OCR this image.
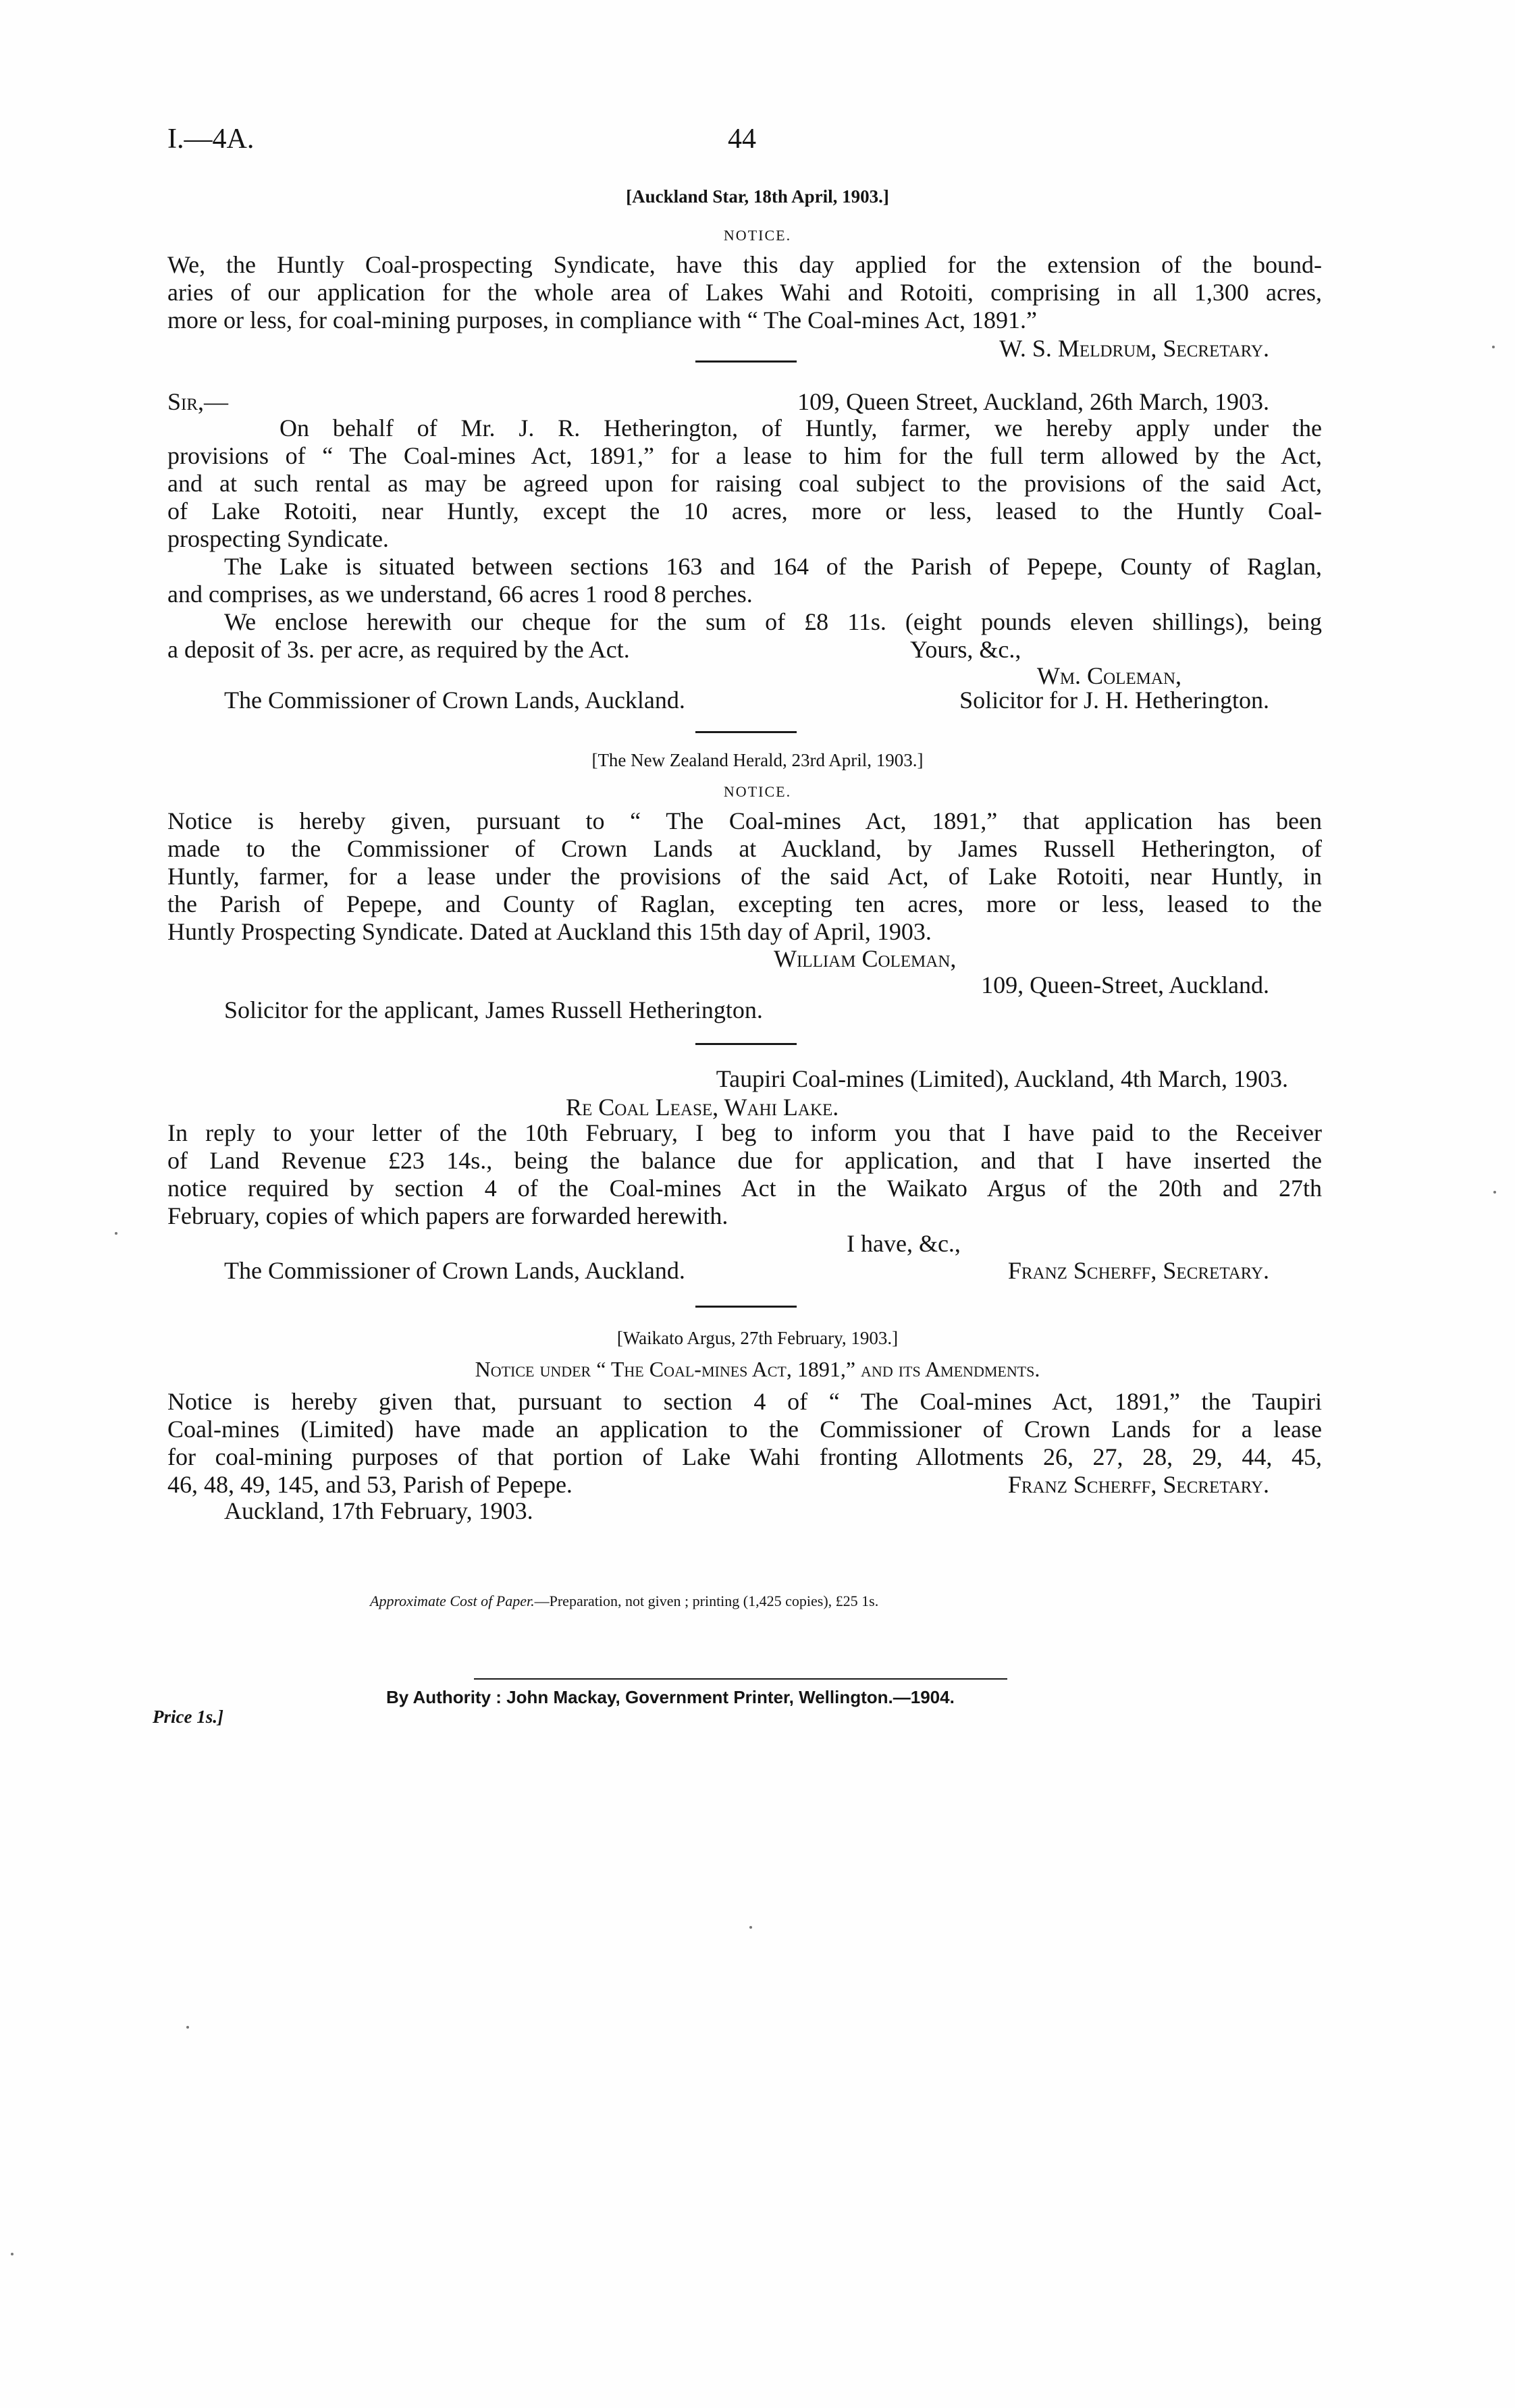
I.—4A.	44
[Auckland Star, 18th April, 1903.]
NOTICE.
We, the Huntly Coal-prospecting Syndicate, have this day applied for the extension of the bound-
aries of our application for the whole area of Lakes Wahi and Rotoiti, comprising in all 1,300 acres,
more or less, for coal-mining purposes, in compliance with “ The Coal-mines Act, 1891.”
W. S. Meldrum, Secretary.
Sir,—	109, Queen Street, Auckland, 26th March, 1903.
On behalf of Mr. J. R. Hetherington, of Huntly, farmer, we hereby apply under the
provisions of “ The Coal-mines Act, 1891,” for a lease to him for the full term allowed by the Act,
and at such rental as may be agreed upon for raising coal subject to the provisions of the said Act,
of Lake Rotoiti, near Huntly, except the 10 acres, more or less, leased to the Huntly Coal-
prospecting Syndicate.
The Lake is situated between sections 163 and 164 of the Parish of Pepepe, County of Raglan,
and comprises, as we understand, 66 acres 1 rood 8 perches.
We enclose herewith our cheque for the sum of £8 11s. (eight pounds eleven shillings), being
a deposit of 3s. per acre, as required by the Act.	Yours, &c.,
Wm. Coleman,
The Commissioner of Crown Lands, Auckland.	Solicitor for J. H. Hetherington.
[The New Zealand Herald, 23rd April, 1903.]
NOTICE.
Notice is hereby given, pursuant to “ The Coal-mines Act, 1891,” that application has been
made to the Commissioner of Crown Lands at Auckland, by James Russell Hetherington, of
Huntly, farmer, for a lease under the provisions of the said Act, of Lake Rotoiti, near Huntly, in
the Parish of Pepepe, and County of Raglan, excepting ten acres, more or less, leased to the
Huntly Prospecting Syndicate. Dated at Auckland this 15th day of April, 1903.
William Coleman,
109, Queen-Street, Auckland.
Solicitor for the applicant, James Russell Hetherington.
Taupiri Coal-mines (Limited), Auckland, 4th March, 1903.
Re Coal Lease, Wahi Lake.
In reply to your letter of the 10th February, I beg to inform you that I have paid to the Receiver
of Land Revenue £23 14s., being the balance due for application, and that I have inserted the
notice required by section 4 of the Coal-mines Act in the Waikato Argus of the 20th and 27th
February, copies of which papers are forwarded herewith.
I have, &c.,
The Commissioner of Crown Lands, Auckland.	Franz Scherff, Secretary.
[Waikato Argus, 27th February, 1903.]
Notice under “ The Coal-mines Act, 1891,” and its Amendments.
Notice is hereby given that, pursuant to section 4 of “ The Coal-mines Act, 1891,” the Taupiri
Coal-mines (Limited) have made an application to the Commissioner of Crown Lands for a lease
for coal-mining purposes of that portion of Lake Wahi fronting Allotments 26, 27, 28, 29, 44, 45,
46, 48, 49, 145, and 53, Parish of Pepepe.	Franz Scherff, Secretary.
Auckland, 17th February, 1903.
Approximate Cost of Paper.—Preparation, not given ; printing (1,425 copies), £25 1s.
By Authority : John Mackay, Government Printer, Wellington.—1904.
Price 1s.]
